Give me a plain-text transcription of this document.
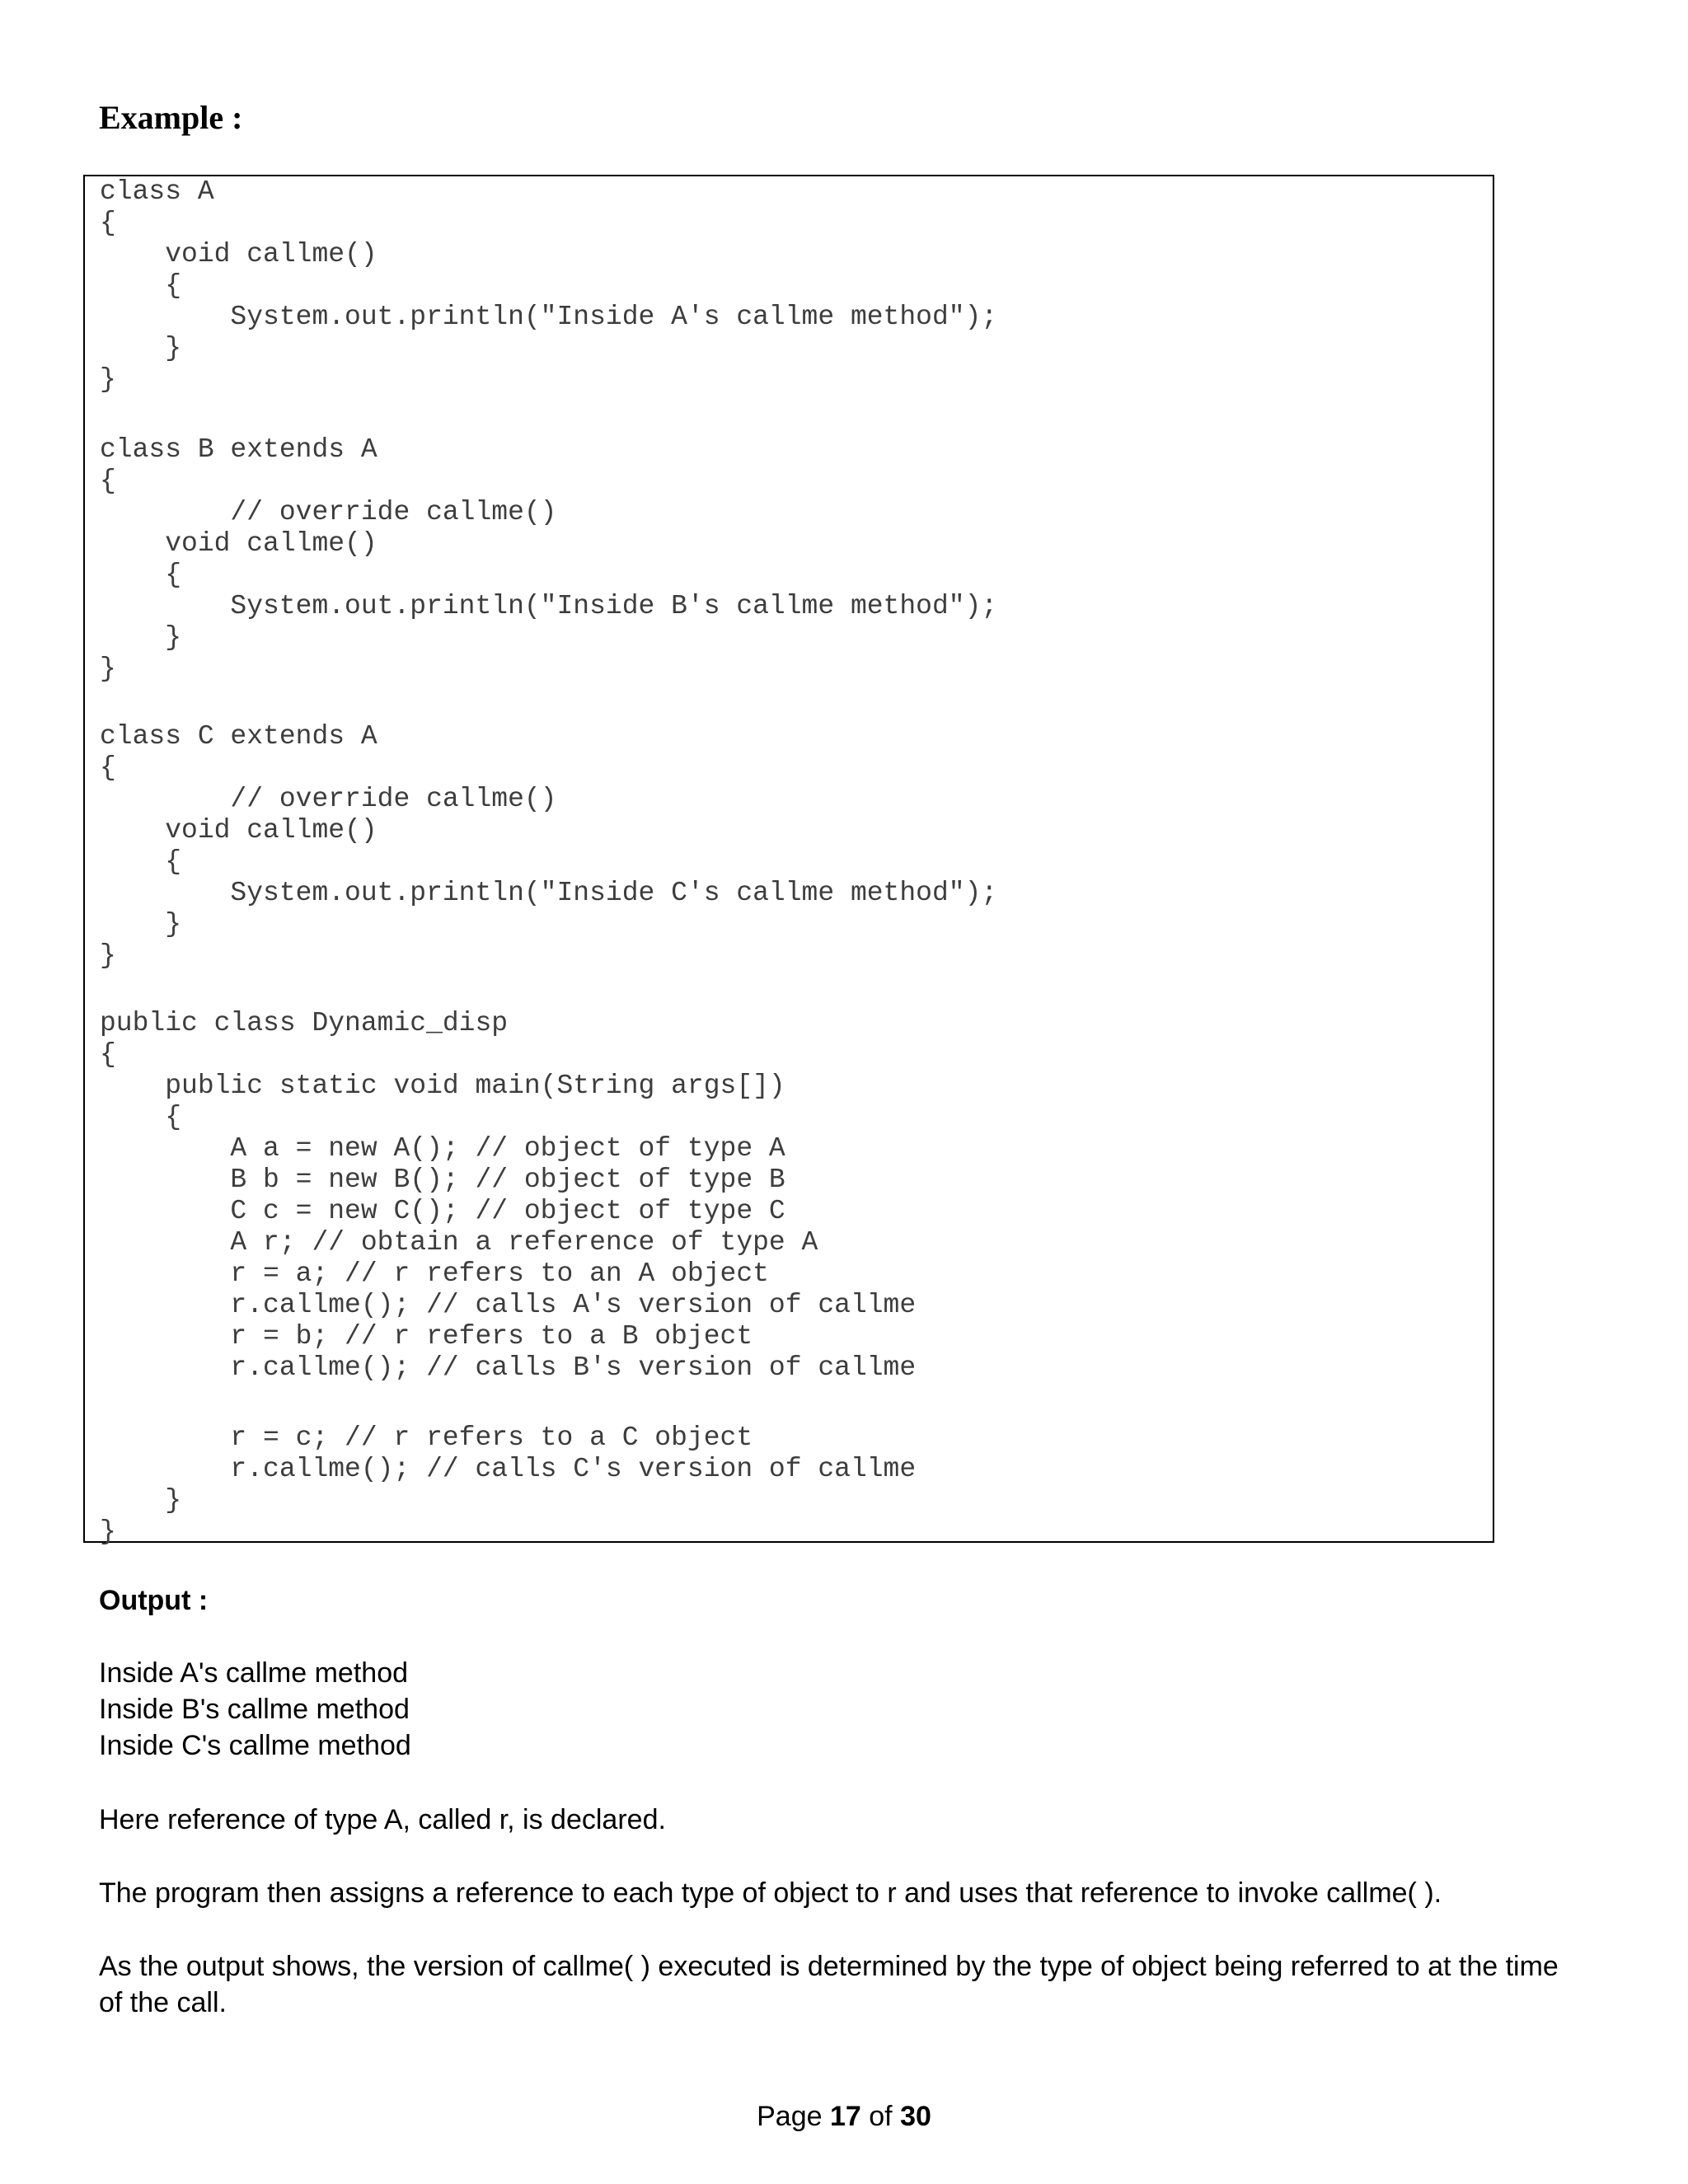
Example :
class A
{
void callme()
{
System.out.println("Inside A's callme method");
}
}
class B extends A
{
// override callme()
void callme()
{
System.out.println("Inside B's callme method");
}
}
class C extends A
{
// override callme()
void callme()
{
System.out.println("Inside C's callme method");
}
}
public class Dynamic_disp
{
public static void main(String args[])
{
A a = new A(); // object of type A
B b = new B(); // object of type B
C c = new C(); // object of type C
A r; // obtain a reference of type A
r = a; // r refers to an A object
r.callme(); // calls A's version of callme
r = b; // r refers to a B object
r.callme(); // calls B's version of callme
r = c; // r refers to a C object
r.callme(); // calls C's version of callme
}
}

Output :

Inside A's callme method

Inside B's callme method

Inside C's callme method

Here reference of type A, called r, is declared.

The program then assigns a reference to each type of object to r and uses that reference to invoke callme( ).

As the output shows, the version of callme( ) executed is determined by the type of object being referred to at the time of the call.

Page 17 of 30
